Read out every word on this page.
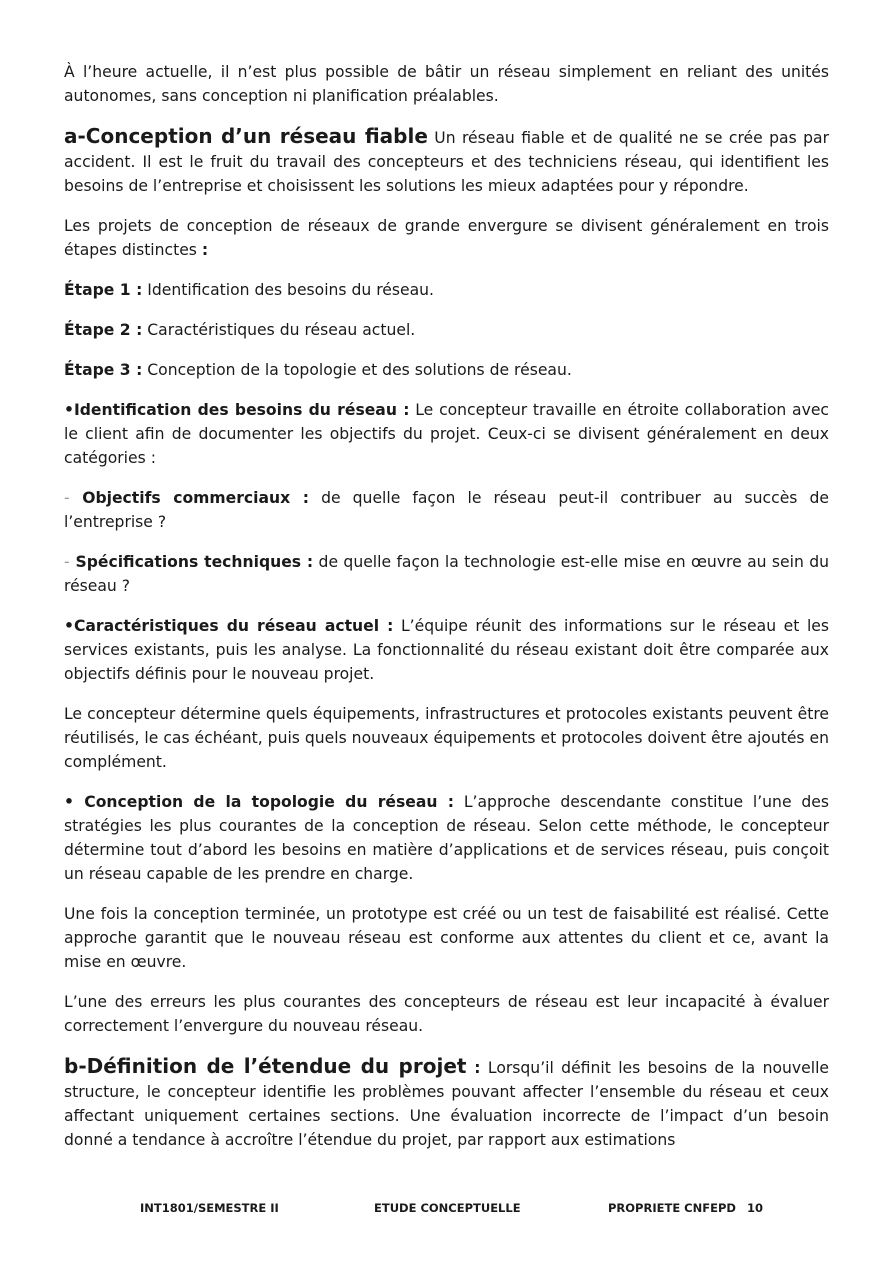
À l’heure actuelle, il n’est plus possible de bâtir un réseau simplement en reliant des unités autonomes, sans conception ni planification préalables.

a-Conception d’un réseau fiable Un réseau fiable et de qualité ne se crée pas par accident. Il est le fruit du travail des concepteurs et des techniciens réseau, qui identifient les besoins de l’entreprise et choisissent les solutions les mieux adaptées pour y répondre.

Les projets de conception de réseaux de grande envergure se divisent généralement en trois étapes distinctes :

Étape 1 : Identification des besoins du réseau.

Étape 2 : Caractéristiques du réseau actuel.

Étape 3 : Conception de la topologie et des solutions de réseau.

•Identification des besoins du réseau : Le concepteur travaille en étroite collaboration avec le client afin de documenter les objectifs du projet. Ceux-ci se divisent généralement en deux catégories :

- Objectifs commerciaux : de quelle façon le réseau peut-il contribuer au succès de l’entreprise ?

- Spécifications techniques : de quelle façon la technologie est-elle mise en œuvre au sein du réseau ?

•Caractéristiques du réseau actuel : L’équipe réunit des informations sur le réseau et les services existants, puis les analyse. La fonctionnalité du réseau existant doit être comparée aux objectifs définis pour le nouveau projet.

Le concepteur détermine quels équipements, infrastructures et protocoles existants peuvent être réutilisés, le cas échéant, puis quels nouveaux équipements et protocoles doivent être ajoutés en complément.

• Conception de la topologie du réseau : L’approche descendante constitue l’une des stratégies les plus courantes de la conception de réseau. Selon cette méthode, le concepteur détermine tout d’abord les besoins en matière d’applications et de services réseau, puis conçoit un réseau capable de les prendre en charge.

Une fois la conception terminée, un prototype est créé ou un test de faisabilité est réalisé. Cette approche garantit que le nouveau réseau est conforme aux attentes du client et ce, avant la mise en œuvre.

L’une des erreurs les plus courantes des concepteurs de réseau est leur incapacité à évaluer correctement l’envergure du nouveau réseau.

b-Définition de l’étendue du projet : Lorsqu’il définit les besoins de la nouvelle structure, le concepteur identifie les problèmes pouvant affecter l’ensemble du réseau et ceux affectant uniquement certaines sections. Une évaluation incorrecte de l’impact d’un besoin donné a tendance à accroître l’étendue du projet, par rapport aux estimations

INT1801/SEMESTRE II	ETUDE CONCEPTUELLE	PROPRIETE CNFEPD 10
